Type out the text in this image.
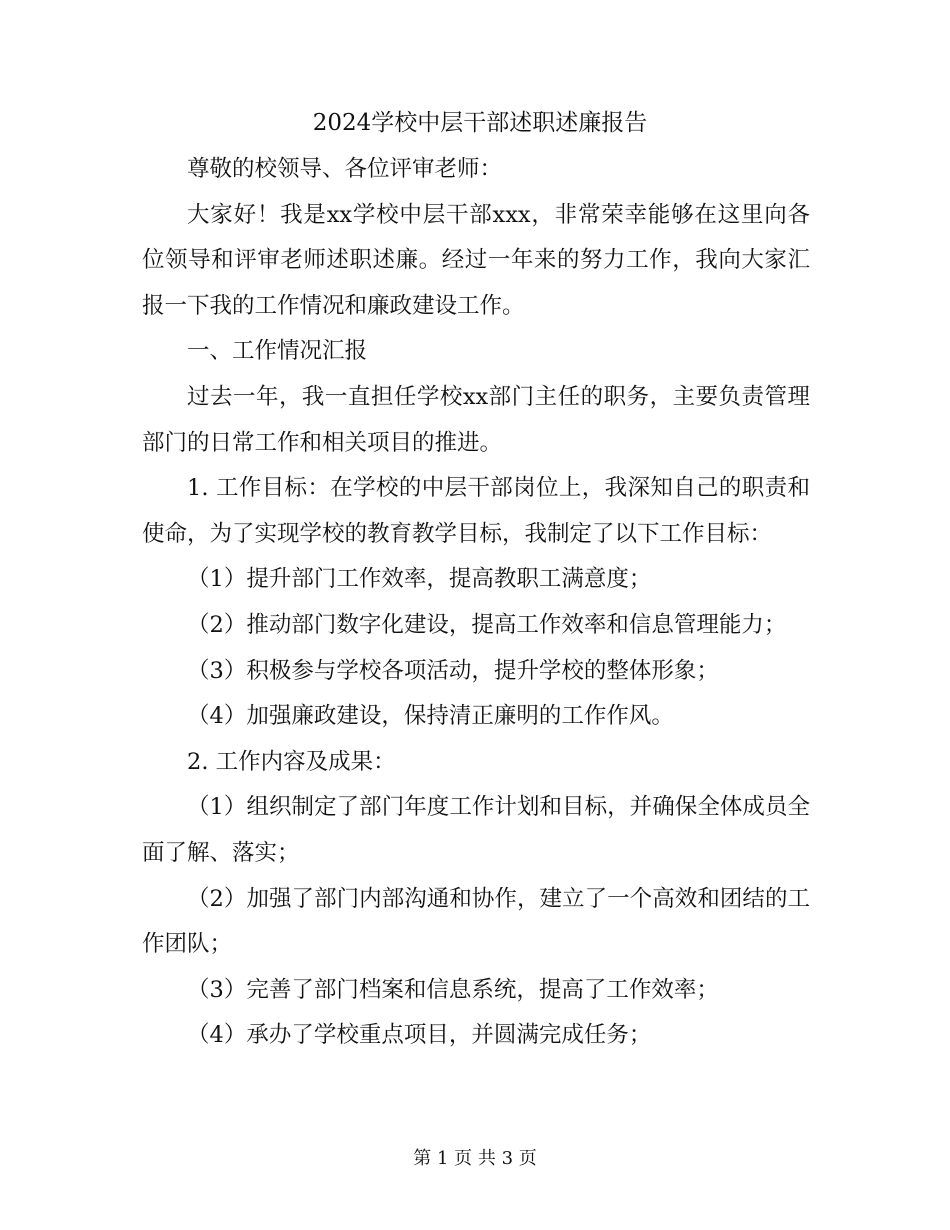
2024学校中层干部述职述廉报告

尊敬的校领导、各位评审老师：

大家好！我是xx学校中层干部xxx，非常荣幸能够在这里向各位领导和评审老师述职述廉。经过一年来的努力工作，我向大家汇报一下我的工作情况和廉政建设工作。

一、工作情况汇报

过去一年，我一直担任学校xx部门主任的职务，主要负责管理部门的日常工作和相关项目的推进。

1. 工作目标：在学校的中层干部岗位上，我深知自己的职责和使命，为了实现学校的教育教学目标，我制定了以下工作目标：

（1）提升部门工作效率，提高教职工满意度；

（2）推动部门数字化建设，提高工作效率和信息管理能力；

（3）积极参与学校各项活动，提升学校的整体形象；

（4）加强廉政建设，保持清正廉明的工作作风。

2. 工作内容及成果：

（1）组织制定了部门年度工作计划和目标，并确保全体成员全面了解、落实；

（2）加强了部门内部沟通和协作，建立了一个高效和团结的工作团队；

（3）完善了部门档案和信息系统，提高了工作效率；

（4）承办了学校重点项目，并圆满完成任务；

第 1 页 共 3 页
